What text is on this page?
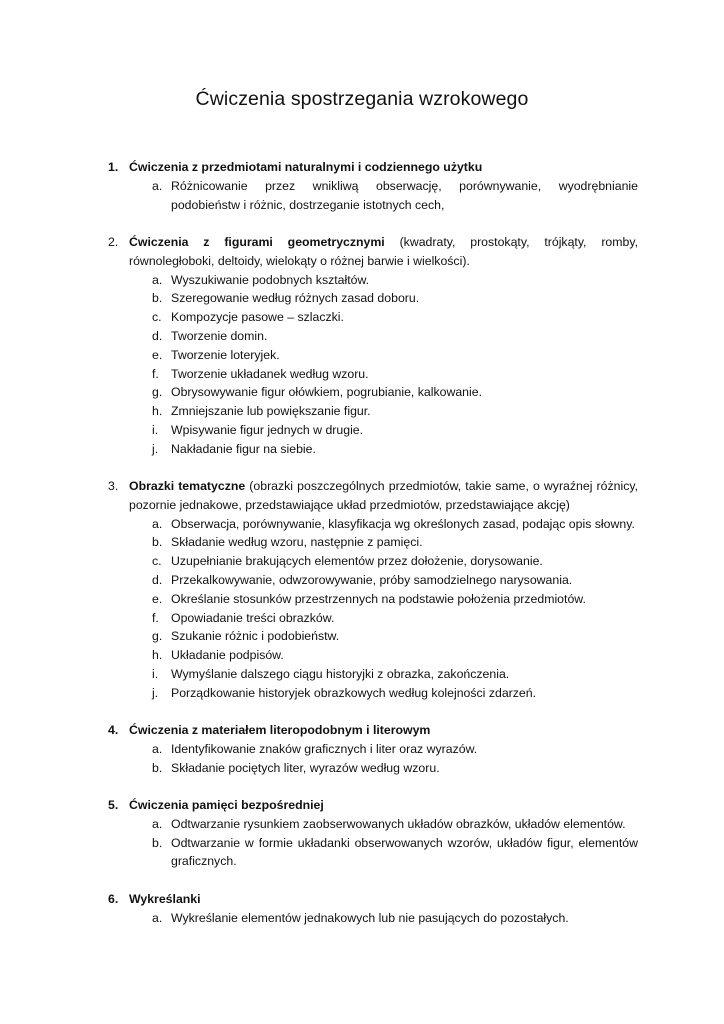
Ćwiczenia spostrzegania wzrokowego
1. Ćwiczenia z przedmiotami naturalnymi i codziennego użytku
a. Różnicowanie przez wnikliwą obserwację, porównywanie, wyodrębnianie podobieństw i różnic, dostrzeganie istotnych cech,
2. Ćwiczenia z figurami geometrycznymi (kwadraty, prostokąty, trójkąty, romby, równoległoboki, deltoidy, wielokąty o różnej barwie i wielkości).
a. Wyszukiwanie podobnych kształtów.
b. Szeregowanie według różnych zasad doboru.
c. Kompozycje pasowe – szlaczki.
d. Tworzenie domin.
e. Tworzenie loteryjek.
f. Tworzenie układanek według wzoru.
g. Obrysowywanie figur ołówkiem, pogrubianie, kalkowanie.
h. Zmniejszanie lub powiększanie figur.
i. Wpisywanie figur jednych w drugie.
j. Nakładanie figur na siebie.
3. Obrazki tematyczne (obrazki poszczególnych przedmiotów, takie same, o wyraźnej różnicy, pozornie jednakowe, przedstawiające układ przedmiotów, przedstawiające akcję)
a. Obserwacja, porównywanie, klasyfikacja wg określonych zasad, podając opis słowny.
b. Składanie według wzoru, następnie z pamięci.
c. Uzupełnianie brakujących elementów przez dołożenie, dorysowanie.
d. Przekalkowywanie, odwzorowywanie, próby samodzielnego narysowania.
e. Określanie stosunków przestrzennych na podstawie położenia przedmiotów.
f. Opowiadanie treści obrazków.
g. Szukanie różnic i podobieństw.
h. Układanie podpisów.
i. Wymyślanie dalszego ciągu historyjki z obrazka, zakończenia.
j. Porządkowanie historyjek obrazkowych według kolejności zdarzeń.
4. Ćwiczenia z materiałem literopodobnym i literowym
a. Identyfikowanie znaków graficznych i liter oraz wyrazów.
b. Składanie pociętych liter, wyrazów według wzoru.
5. Ćwiczenia pamięci bezpośredniej
a. Odtwarzanie rysunkiem zaobserwowanych układów obrazków, układów elementów.
b. Odtwarzanie w formie układanki obserwowanych wzorów, układów figur, elementów graficznych.
6. Wykreślanki
a. Wykreślanie elementów jednakowych lub nie pasujących do pozostałych.
